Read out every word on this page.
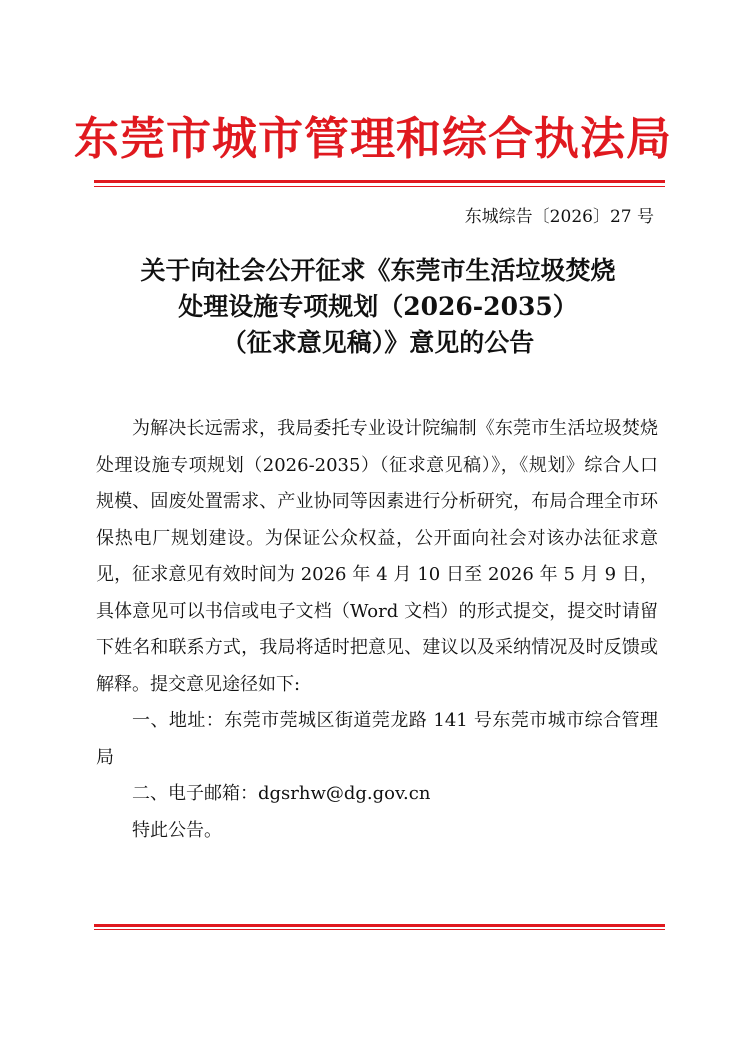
东莞市城市管理和综合执法局
东城综告〔2026〕27 号
关于向社会公开征求《东莞市生活垃圾焚烧
处理设施专项规划（2026-2035）
（征求意见稿）》意见的公告

为解决长远需求，我局委托专业设计院编制《东莞市生活垃圾焚烧处理设施专项规划（2026-2035）（征求意见稿）》，《规划》综合人口规模、固废处置需求、产业协同等因素进行分析研究，布局合理全市环保热电厂规划建设。为保证公众权益，公开面向社会对该办法征求意见，征求意见有效时间为 2026 年 4 月 10 日至 2026 年 5 月 9 日，具体意见可以书信或电子文档（Word 文档）的形式提交，提交时请留下姓名和联系方式，我局将适时把意见、建议以及采纳情况及时反馈或解释。提交意见途径如下:

一、地址：东莞市莞城区街道莞龙路 141 号东莞市城市综合管理局

二、电子邮箱：dgsrhw@dg.gov.cn

特此公告。
